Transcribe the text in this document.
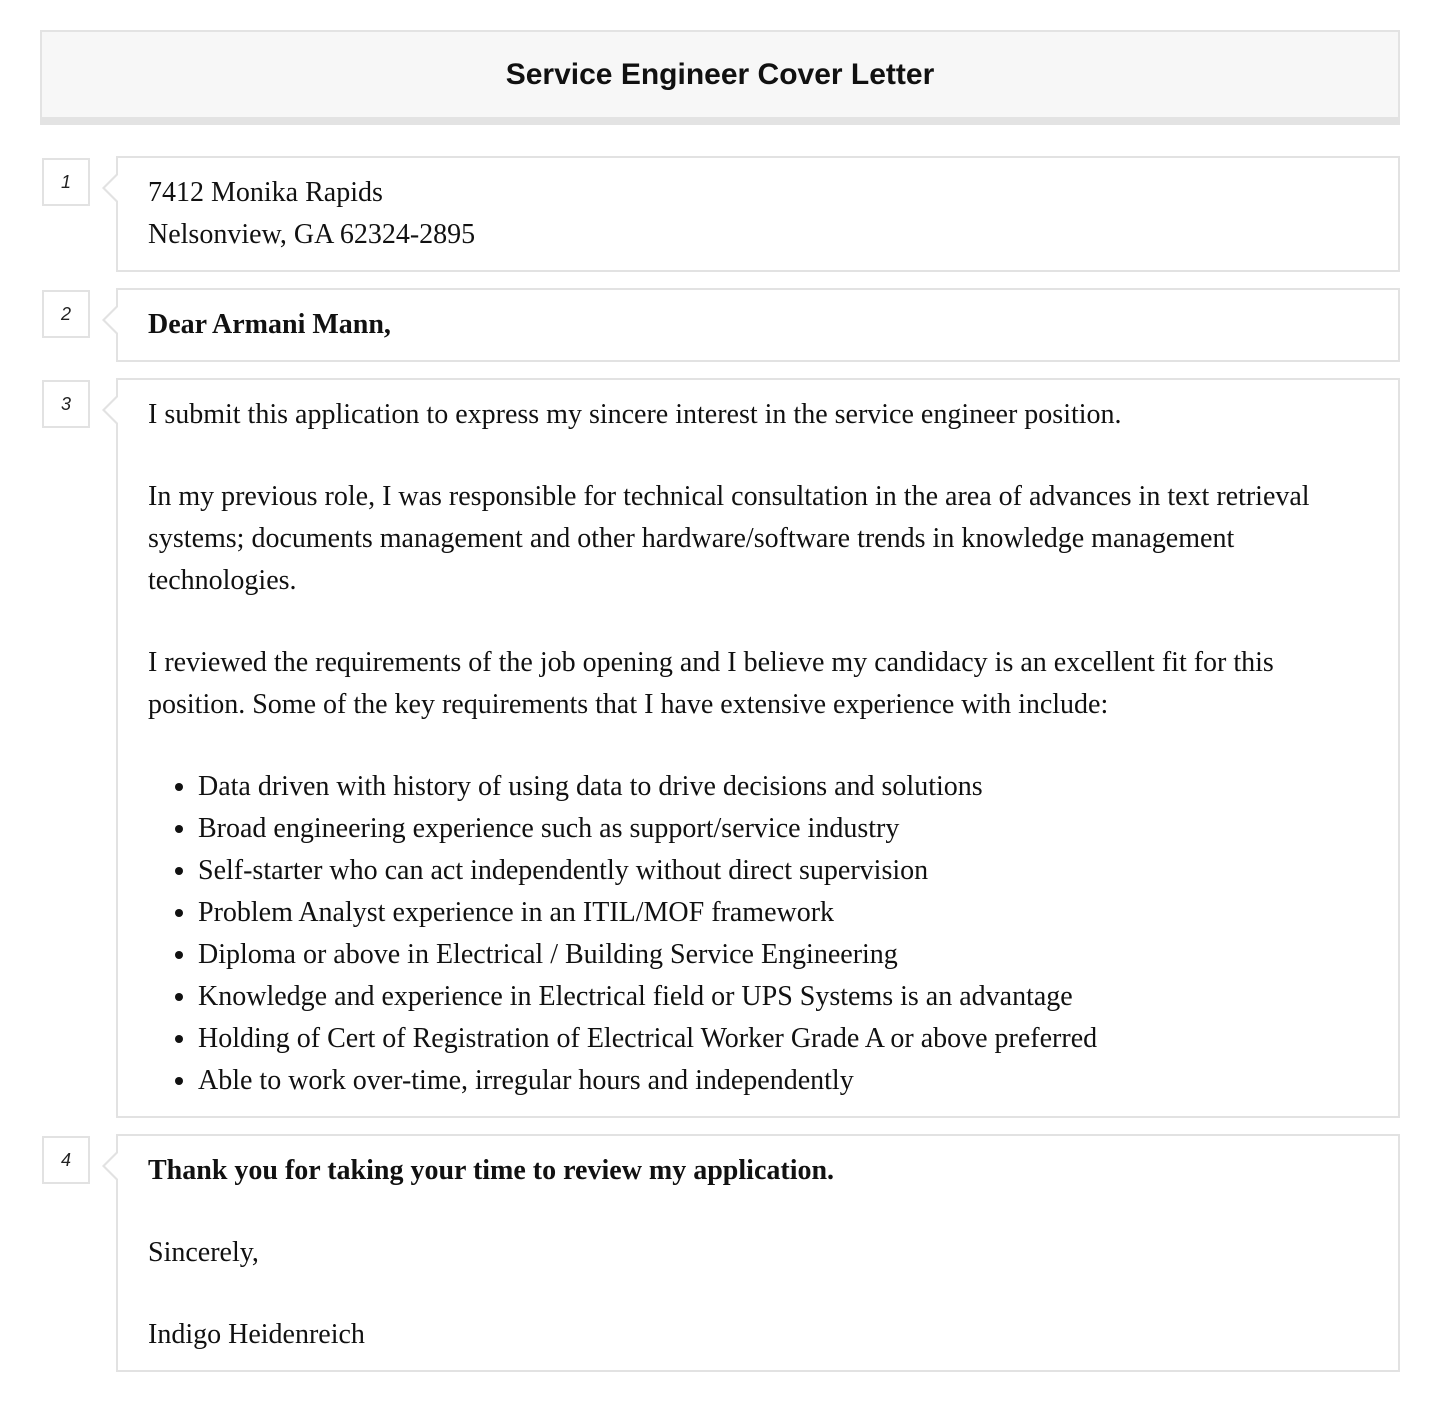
Service Engineer Cover Letter
1	7412 Monika Rapids
Nelsonview, GA 62324-2895
2	Dear Armani Mann,
3	I submit this application to express my sincere interest in the service engineer position.

In my previous role, I was responsible for technical consultation in the area of advances in text retrieval systems; documents management and other hardware/software trends in knowledge management technologies.

I reviewed the requirements of the job opening and I believe my candidacy is an excellent fit for this position. Some of the key requirements that I have extensive experience with include:

• Data driven with history of using data to drive decisions and solutions
• Broad engineering experience such as support/service industry
• Self-starter who can act independently without direct supervision
• Problem Analyst experience in an ITIL/MOF framework
• Diploma or above in Electrical / Building Service Engineering
• Knowledge and experience in Electrical field or UPS Systems is an advantage
• Holding of Cert of Registration of Electrical Worker Grade A or above preferred
• Able to work over-time, irregular hours and independently
4	Thank you for taking your time to review my application.

Sincerely,

Indigo Heidenreich
